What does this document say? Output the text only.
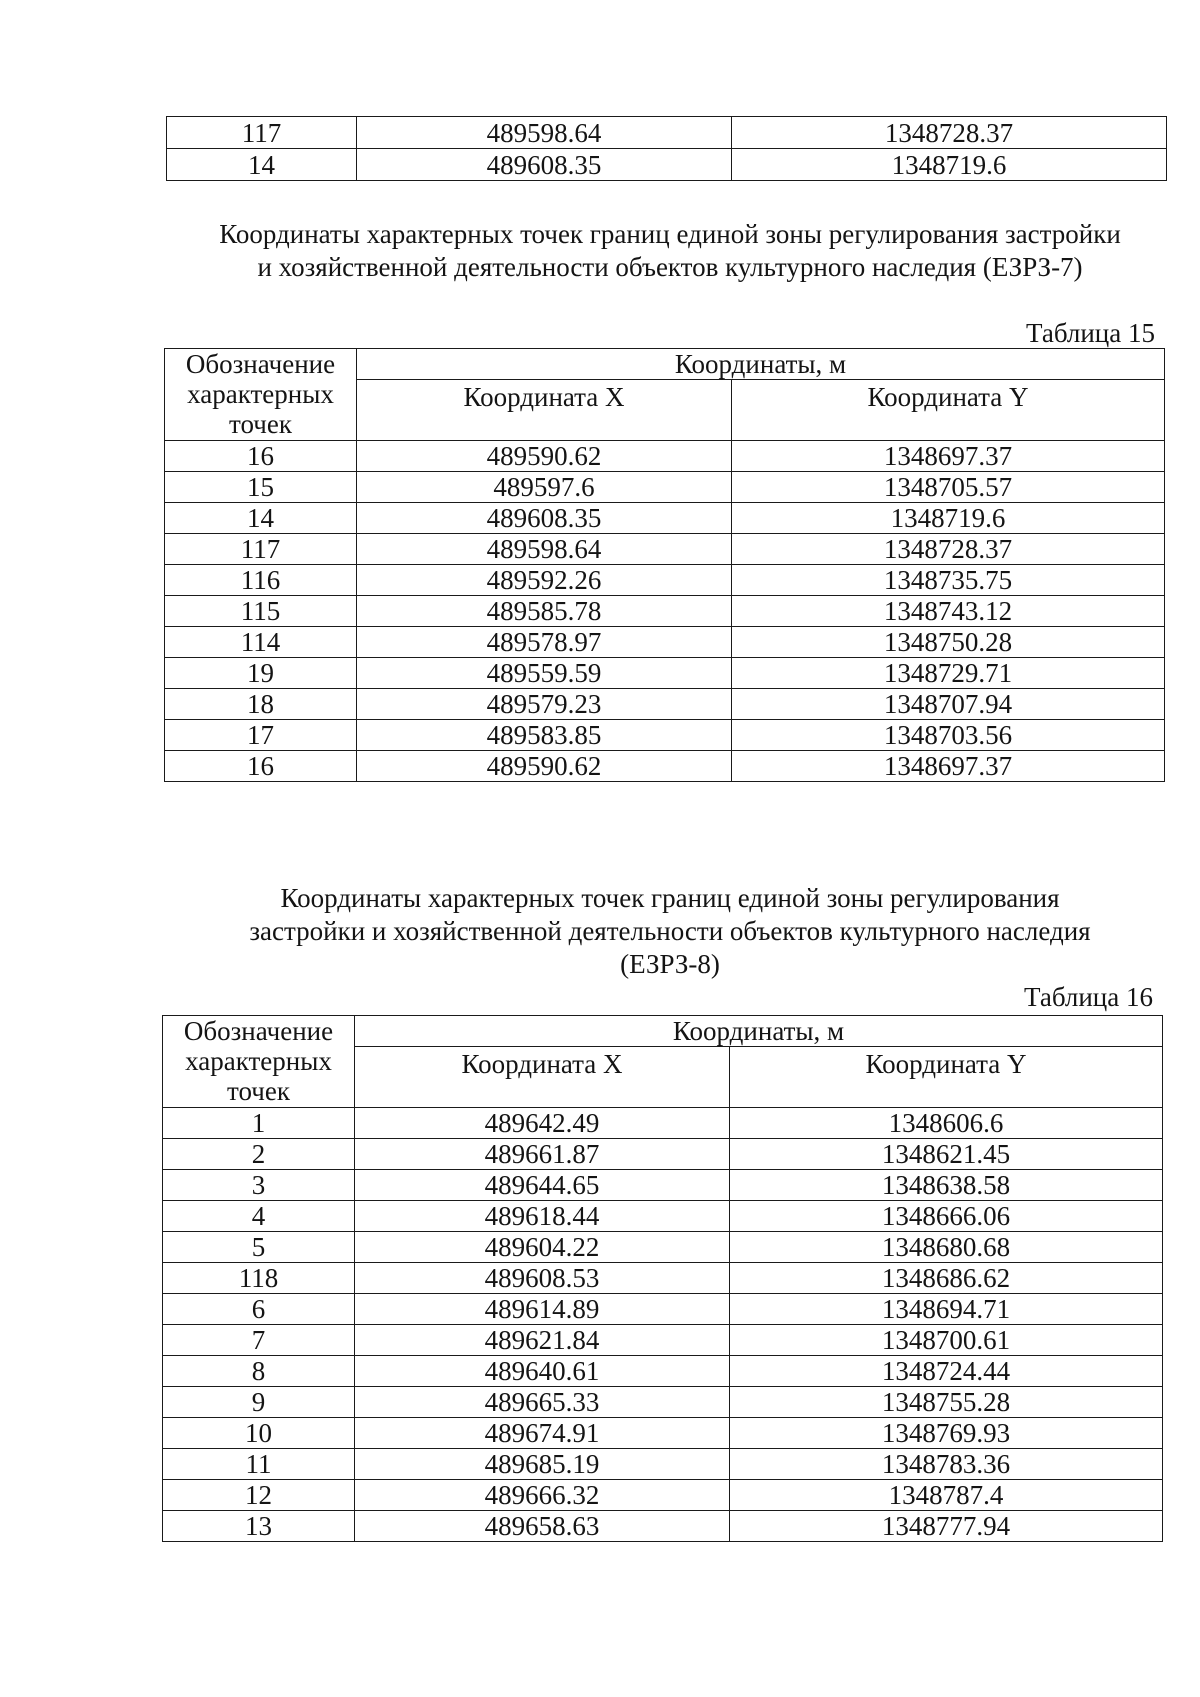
117	489598.64	1348728.37
14	489608.35	1348719.6
Координаты характерных точек границ единой зоны регулирования застройки
и хозяйственной деятельности объектов культурного наследия (ЕЗРЗ-7)
Таблица 15
Обозначение характерных точек	Координаты, м	
	Координата X	Координата Y
16	489590.62	1348697.37
15	489597.6	1348705.57
14	489608.35	1348719.6
117	489598.64	1348728.37
116	489592.26	1348735.75
115	489585.78	1348743.12
114	489578.97	1348750.28
19	489559.59	1348729.71
18	489579.23	1348707.94
17	489583.85	1348703.56
16	489590.62	1348697.37
Координаты характерных точек границ единой зоны регулирования
застройки и хозяйственной деятельности объектов культурного наследия
(ЕЗРЗ-8)
Таблица 16
Обозначение характерных точек	Координаты, м	
	Координата X	Координата Y
1	489642.49	1348606.6
2	489661.87	1348621.45
3	489644.65	1348638.58
4	489618.44	1348666.06
5	489604.22	1348680.68
118	489608.53	1348686.62
6	489614.89	1348694.71
7	489621.84	1348700.61
8	489640.61	1348724.44
9	489665.33	1348755.28
10	489674.91	1348769.93
11	489685.19	1348783.36
12	489666.32	1348787.4
13	489658.63	1348777.94
